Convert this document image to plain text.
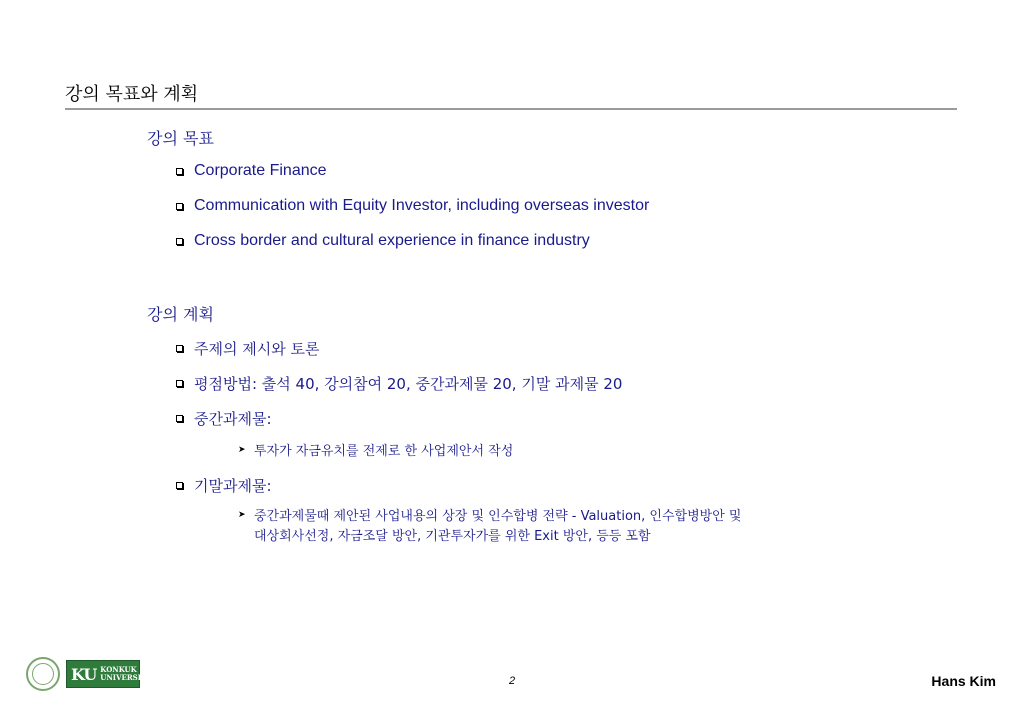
강의 목표와 계획
강의 목표
Corporate Finance
Communication with Equity Investor, including overseas investor
Cross border and cultural experience in finance industry
강의 계획
주제의 제시와 토론
평점방법: 출석 40, 강의참여 20, 중간과제물 20, 기말 과제물 20
중간과제물:
➤ 투자가 자금유치를 전제로 한 사업제안서 작성
기말과제물:
➤ 중간과제물때 제안된 사업내용의 상장 및 인수합병 전략 - Valuation, 인수합병방안 및
대상회사선정, 자금조달 방안, 기관투자가를 위한 Exit 방안, 등등 포함
KU KONKUK
UNIVERSITY	2	Hans Kim
